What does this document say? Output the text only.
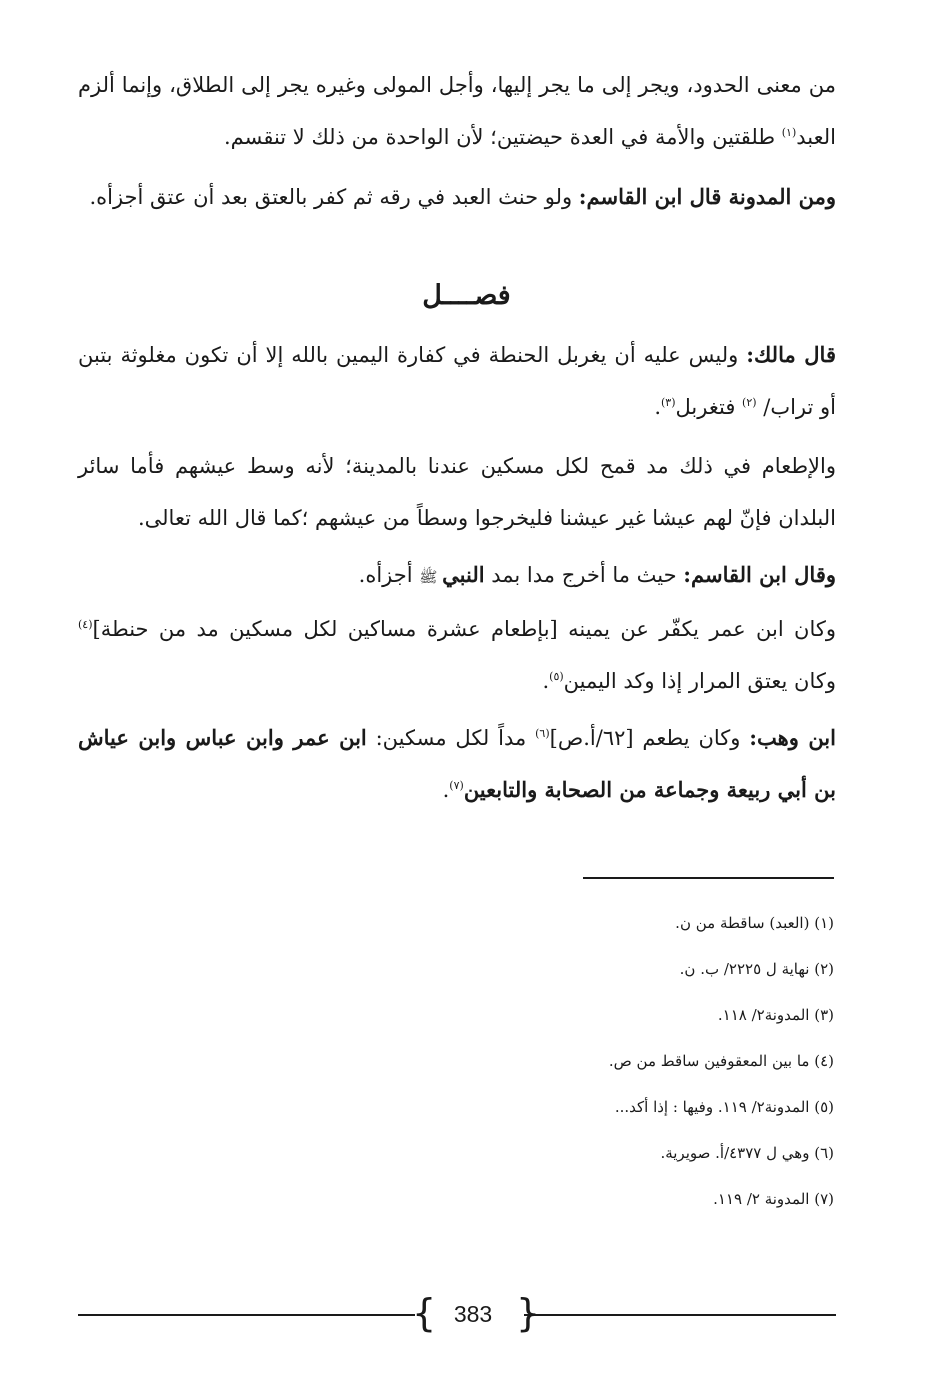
من معنى الحدود، ويجر إلى ما يجر إليها، وأجل المولى وغيره يجر إلى الطلاق، وإنما ألزم العبد$^{(١)}$ طلقتين والأمة في العدة حيضتين؛ لأن الواحدة من ذلك لا تنقسم.

ومن المدونة قال ابن القاسم: ولو حنث العبد في رقه ثم كفر بالعتق بعد أن عتق أجزأه.

فصــــل

قال مالك: وليس عليه أن يغربل الحنطة في كفارة اليمين بالله إلا أن تكون مغلوثة بتبن أو تراب/ $^{(٢)}$ فتغربل$^{(٣)}$.

والإطعام في ذلك مد قمح لكل مسكين عندنا بالمدينة؛ لأنه وسط عيشهم فأما سائر البلدان فإنّ لهم عيشا غير عيشنا فليخرجوا وسطاً من عيشهم ؛كما قال الله تعالى.

وقال ابن القاسم: حيث ما أخرج مدا بمد النبي ﷺ أجزأه.

وكان ابن عمر يكفّر عن يمينه [بإطعام عشرة مساكين لكل مسكين مد من حنطة]$^{(٤)}$ وكان يعتق المرار إذا وكد اليمين$^{(٥)}$.

ابن وهب: وكان يطعم [٦٢/أ.ص]$^{(٦)}$ مداً لكل مسكين: ابن عمر وابن عباس وابن عياش بن أبي ربيعة وجماعة من الصحابة والتابعين$^{(٧)}$.

(١) (العبد) ساقطة من ن.
(٢) نهاية ل ٢٢٢٥/ ب. ن.
(٣) المدونة٢/ ١١٨.
(٤) ما بين المعقوفين ساقط من ص.
(٥) المدونة٢/ ١١٩. وفيها : إذا أكد...
(٦) وهي ل ٤٣٧٧/أ. صويرية.
(٧) المدونة ٢/ ١١٩.
{ 383 }
